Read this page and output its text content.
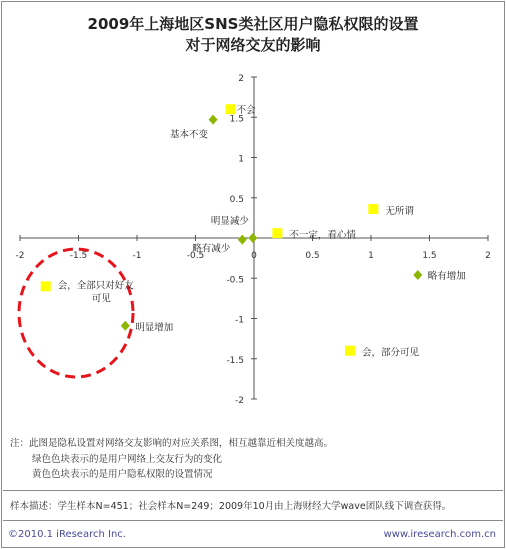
2009年上海地区SNS类社区用户隐私权限的设置
对于网络交友的影响
-2	-1.5	-1	-0.5	0	0.5	1	1.5	2
2
1.5
1
0.5
-0.5
-1
-1.5
-2
基本不变
明显减少
略有减少
略有增加
明显增加
不会
无所谓
不一定，看心情
会，全部只对好友可见
会，部分可见
注：此图是隐私设置对网络交友影响的对应关系图，相互越靠近相关度越高。
绿色色块表示的是用户网络上交友行为的变化
黄色色块表示的是用户隐私权限的设置情况
样本描述：学生样本N=451；社会样本N=249；2009年10月由上海财经大学wave团队线下调查获得。
©2010.1 iResearch Inc.	www.iresearch.com.cn
